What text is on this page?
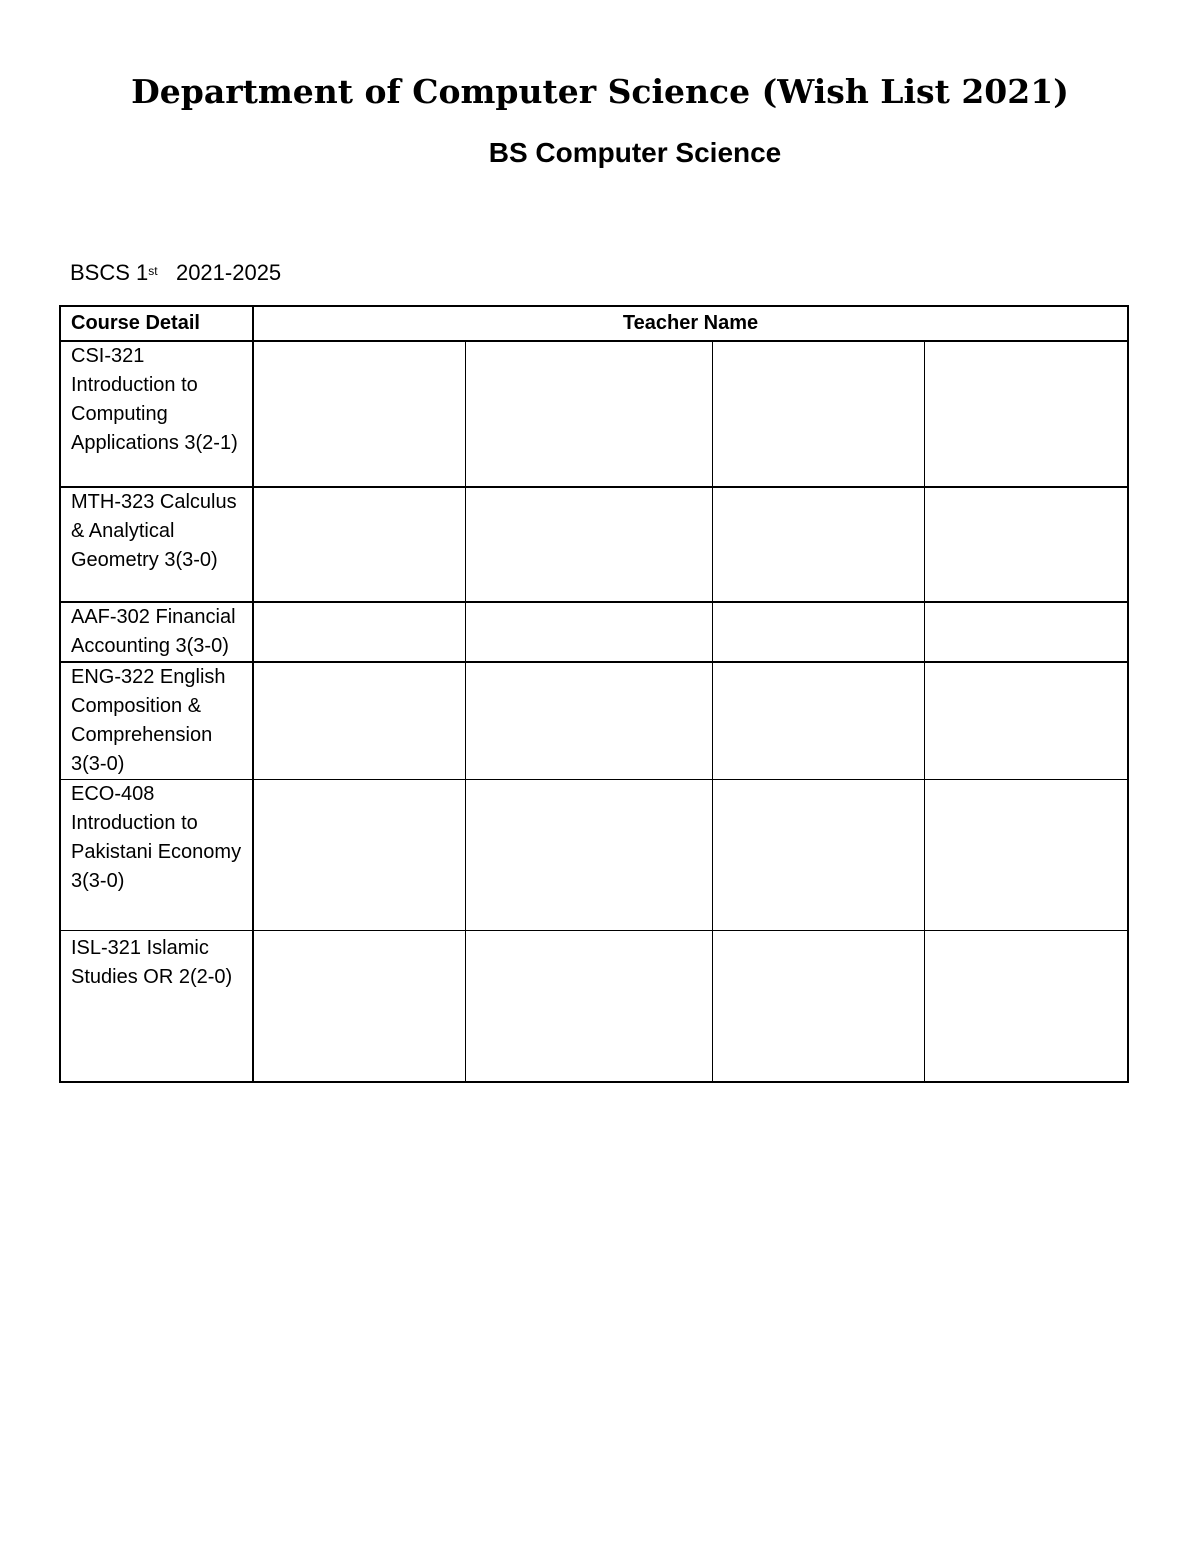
Department of Computer Science (Wish List 2021)
BS Computer Science
BSCS 1st 2021-2025
Course Detail	Teacher Name			

CSI-321 Introduction to Computing Applications 3(2-1)				

MTH-323 Calculus & Analytical Geometry 3(3-0)				

AAF-302 Financial Accounting 3(3-0)				

ENG-322 English Composition & Comprehension 3(3-0)				

ECO-408 Introduction to Pakistani Economy 3(3-0)				

ISL-321 Islamic Studies OR 2(2-0)				
